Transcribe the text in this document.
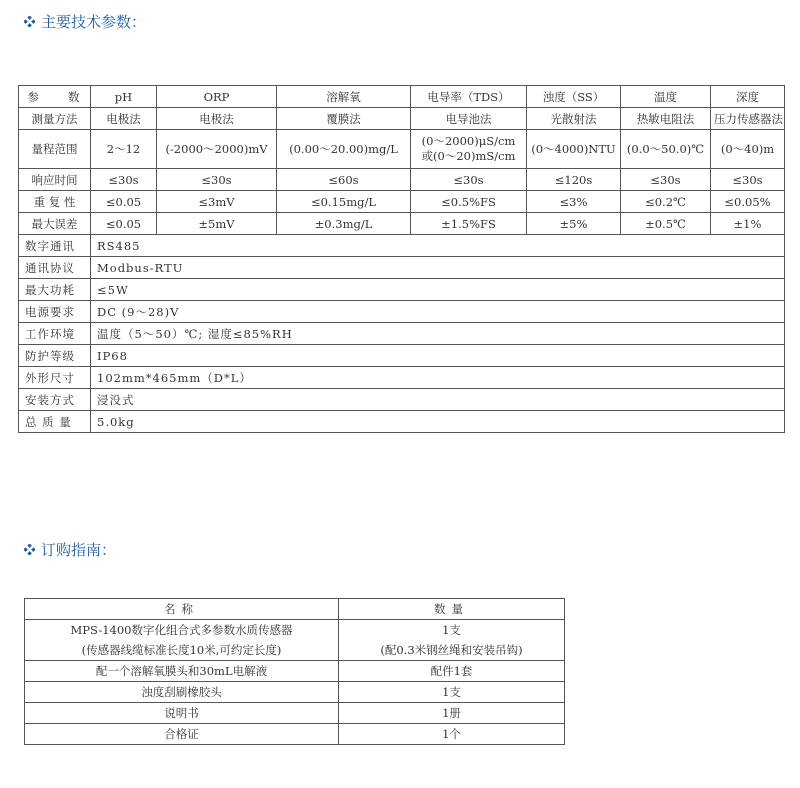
主要技术参数：
参　　数	pH	ORP	溶解氧	电导率（TDS）	浊度（SS）	温度	深度
测量方法	电极法	电极法	覆膜法	电导池法	光散射法	热敏电阻法	压力传感器法
量程范围	2～12	(-2000～2000)mV	(0.00～20.00)mg/L	(0～2000)μS/cm
或(0～20)mS/cm	(0～4000)NTU	(0.0～50.0)℃	(0～40)m
响应时间	≤30s	≤30s	≤60s	≤30s	≤120s	≤30s	≤30s
重 复 性	≤0.05	≤3mV	≤0.15mg/L	≤0.5%FS	≤3%	≤0.2℃	≤0.05%
最大误差	≤0.05	±5mV	±0.3mg/L	±1.5%FS	±5%	±0.5℃	±1%
数字通讯	RS485						
通讯协议	Modbus-RTU						
最大功耗	≤5W						
电源要求	DC (9～28)V						
工作环境	温度（5～50）℃; 湿度≤85%RH						
防护等级	IP68						
外形尺寸	102mm*465mm（D*L）						
安装方式	浸没式						
总 质 量	5.0kg						
订购指南：
名称	数量
MPS-1400数字化组合式多参数水质传感器	1支
(传感器线缆标准长度10米,可约定长度)	(配0.3米钢丝绳和安装吊钩)
配一个溶解氧膜头和30mL电解液	配件1套
浊度刮刷橡胶头	1支
说明书	1册
合格证	1个
